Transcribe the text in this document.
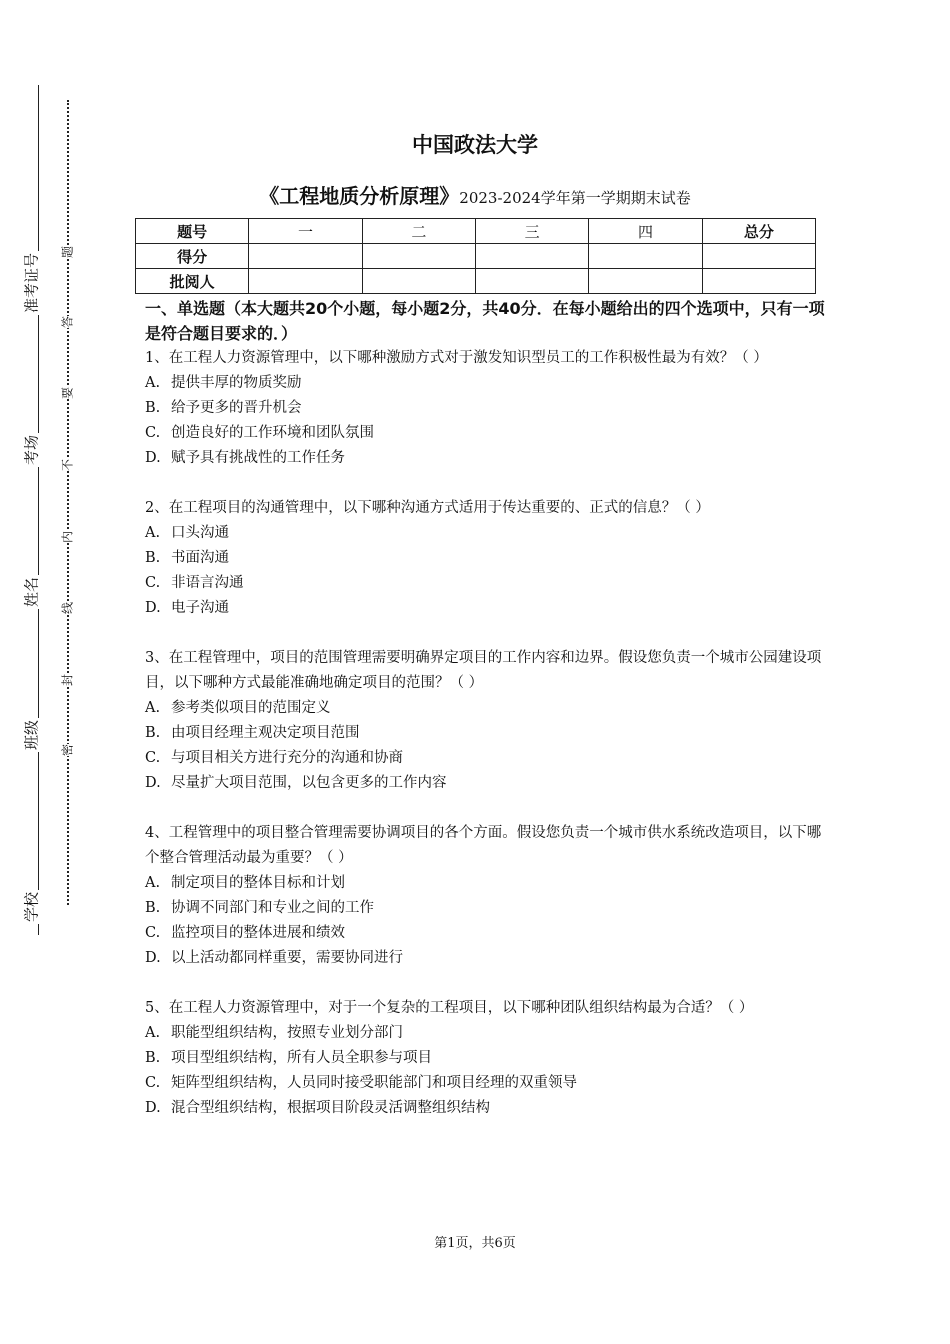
准考证号
考场
姓名
班级
学校
题
答
要
不
内
线
封
密
中国政法大学
《工程地质分析原理》2023-2024学年第一学期期末试卷
题号	一	二	三	四	总分
得分					
批阅人					
一、单选题（本大题共20个小题，每小题2分，共40分．在每小题给出的四个选项中，只有一项是符合题目要求的．）

1、在工程人力资源管理中，以下哪种激励方式对于激发知识型员工的工作积极性最为有效？（ ）

A. 提供丰厚的物质奖励
B. 给予更多的晋升机会
C. 创造良好的工作环境和团队氛围
D. 赋予具有挑战性的工作任务

2、在工程项目的沟通管理中，以下哪种沟通方式适用于传达重要的、正式的信息？（ ）

A. 口头沟通
B. 书面沟通
C. 非语言沟通
D. 电子沟通

3、在工程管理中，项目的范围管理需要明确界定项目的工作内容和边界。假设您负责一个城市公园建设项目，以下哪种方式最能准确地确定项目的范围？（ ）

A. 参考类似项目的范围定义
B. 由项目经理主观决定项目范围
C. 与项目相关方进行充分的沟通和协商
D. 尽量扩大项目范围，以包含更多的工作内容

4、工程管理中的项目整合管理需要协调项目的各个方面。假设您负责一个城市供水系统改造项目，以下哪个整合管理活动最为重要？（ ）

A. 制定项目的整体目标和计划
B. 协调不同部门和专业之间的工作
C. 监控项目的整体进展和绩效
D. 以上活动都同样重要，需要协同进行

5、在工程人力资源管理中，对于一个复杂的工程项目，以下哪种团队组织结构最为合适？（ ）

A. 职能型组织结构，按照专业划分部门
B. 项目型组织结构，所有人员全职参与项目
C. 矩阵型组织结构，人员同时接受职能部门和项目经理的双重领导
D. 混合型组织结构，根据项目阶段灵活调整组织结构
第1页，共6页
